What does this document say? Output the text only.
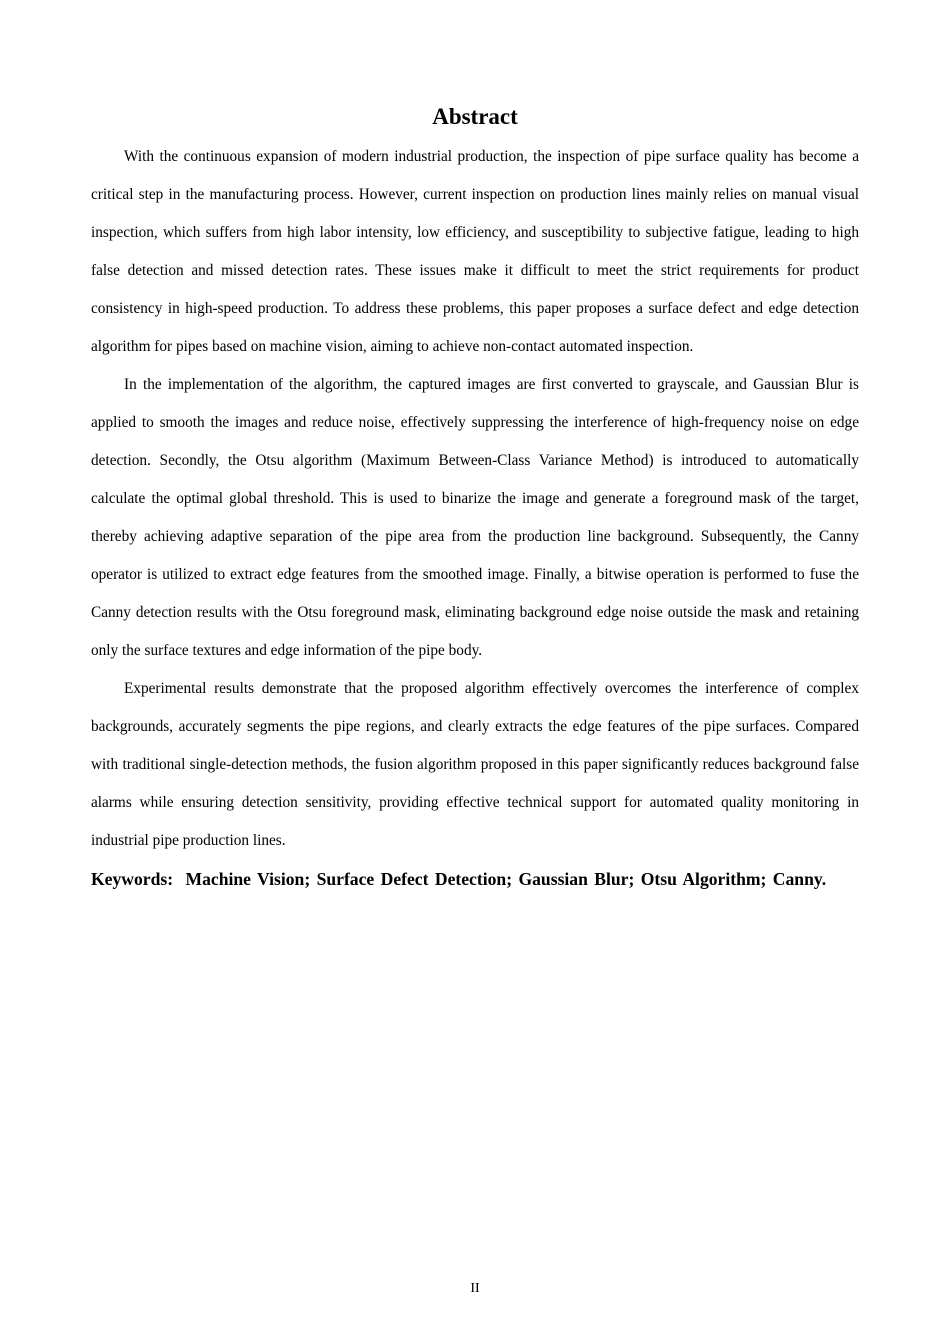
Abstract

With the continuous expansion of modern industrial production, the inspection of pipe surface quality has become a critical step in the manufacturing process. However, current inspection on production lines mainly relies on manual visual inspection, which suffers from high labor intensity, low efficiency, and susceptibility to subjective fatigue, leading to high false detection and missed detection rates. These issues make it difficult to meet the strict requirements for product consistency in high-speed production. To address these problems, this paper proposes a surface defect and edge detection algorithm for pipes based on machine vision, aiming to achieve non-contact automated inspection.

In the implementation of the algorithm, the captured images are first converted to grayscale, and Gaussian Blur is applied to smooth the images and reduce noise, effectively suppressing the interference of high-frequency noise on edge detection. Secondly, the Otsu algorithm (Maximum Between-Class Variance Method) is introduced to automatically calculate the optimal global threshold. This is used to binarize the image and generate a foreground mask of the target, thereby achieving adaptive separation of the pipe area from the production line background. Subsequently, the Canny operator is utilized to extract edge features from the smoothed image. Finally, a bitwise operation is performed to fuse the Canny detection results with the Otsu foreground mask, eliminating background edge noise outside the mask and retaining only the surface textures and edge information of the pipe body.

Experimental results demonstrate that the proposed algorithm effectively overcomes the interference of complex backgrounds, accurately segments the pipe regions, and clearly extracts the edge features of the pipe surfaces. Compared with traditional single-detection methods, the fusion algorithm proposed in this paper significantly reduces background false alarms while ensuring detection sensitivity, providing effective technical support for automated quality monitoring in industrial pipe production lines.

Keywords: Machine Vision; Surface Defect Detection; Gaussian Blur; Otsu Algorithm; Canny.

II
